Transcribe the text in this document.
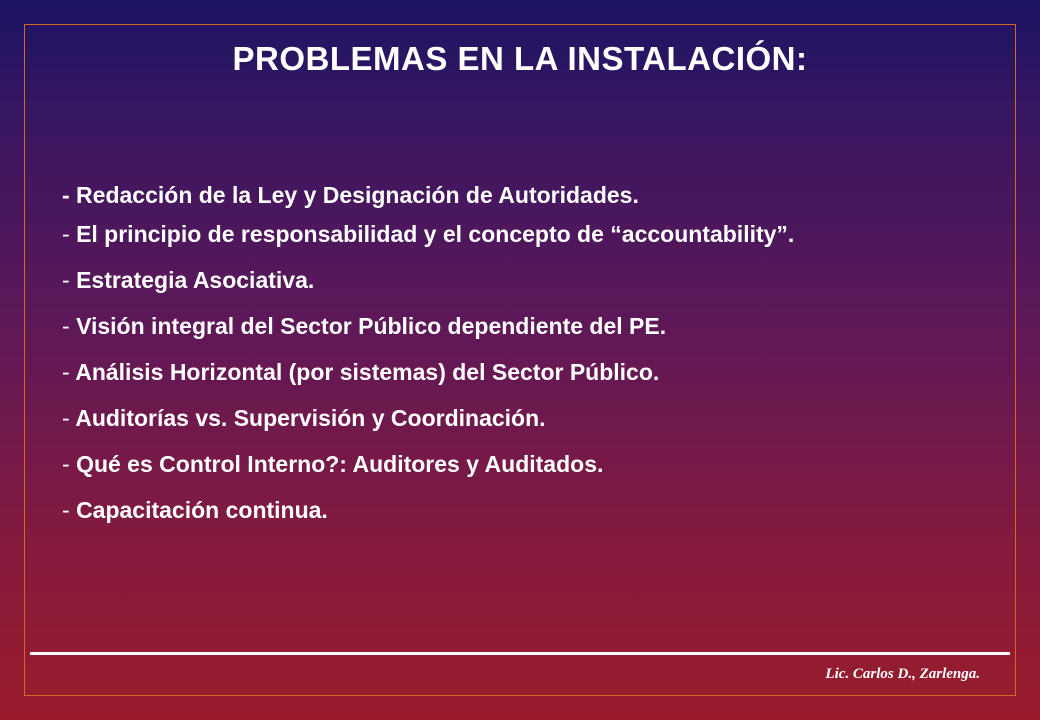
PROBLEMAS EN LA INSTALACIÓN:
- Redacción de la Ley y Designación de Autoridades.
- El principio de responsabilidad y el concepto de “accountability”.
- Estrategia Asociativa.
- Visión integral del Sector Público dependiente del PE.
- Análisis Horizontal (por sistemas) del Sector Público.
- Auditorías vs. Supervisión y Coordinación.
- Qué es Control Interno?: Auditores y Auditados.
- Capacitación continua.
Lic. Carlos D., Zarlenga.
